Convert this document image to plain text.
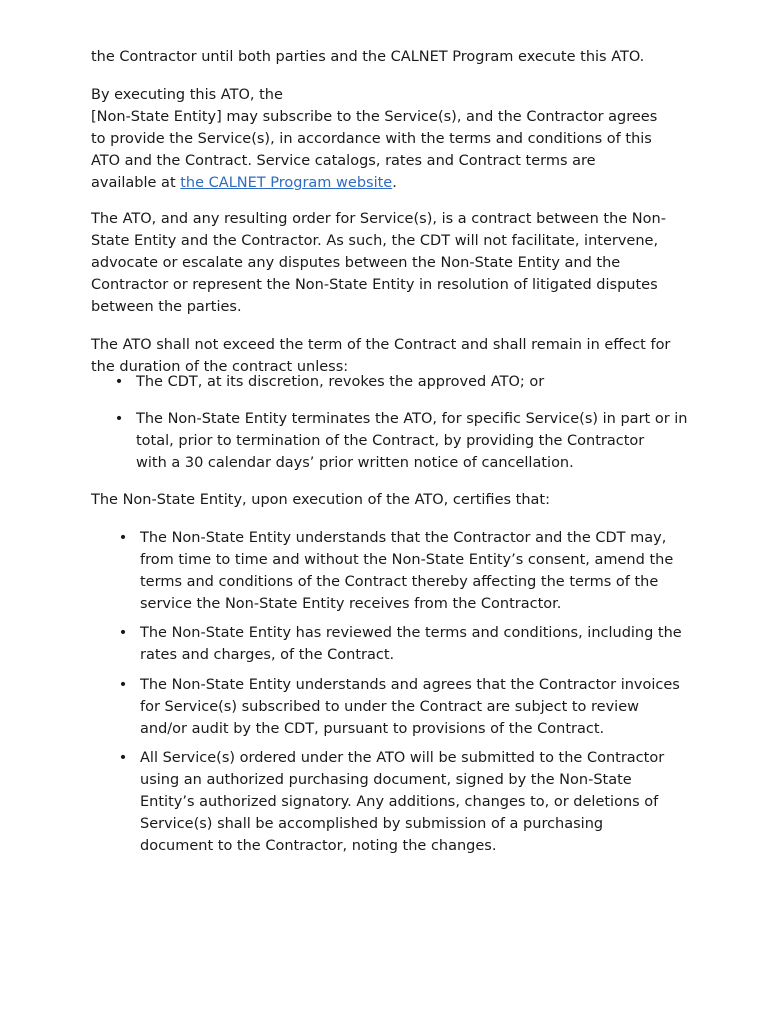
the Contractor until both parties and the CALNET Program execute this ATO.

By executing this ATO, the
[Non-State Entity] may subscribe to the Service(s), and the Contractor agrees
to provide the Service(s), in accordance with the terms and conditions of this
ATO and the Contract. Service catalogs, rates and Contract terms are
available at the CALNET Program website.

The ATO, and any resulting order for Service(s), is a contract between the Non-
State Entity and the Contractor. As such, the CDT will not facilitate, intervene,
advocate or escalate any disputes between the Non-State Entity and the
Contractor or represent the Non-State Entity in resolution of litigated disputes
between the parties.

The ATO shall not exceed the term of the Contract and shall remain in effect for
the duration of the contract unless:

• The CDT, at its discretion, revokes the approved ATO; or
• The Non-State Entity terminates the ATO, for specific Service(s) in part or in
total, prior to termination of the Contract, by providing the Contractor
with a 30 calendar days’ prior written notice of cancellation.

The Non-State Entity, upon execution of the ATO, certifies that:

• The Non-State Entity understands that the Contractor and the CDT may,
from time to time and without the Non-State Entity’s consent, amend the
terms and conditions of the Contract thereby affecting the terms of the
service the Non-State Entity receives from the Contractor.
• The Non-State Entity has reviewed the terms and conditions, including the
rates and charges, of the Contract.
• The Non-State Entity understands and agrees that the Contractor invoices
for Service(s) subscribed to under the Contract are subject to review
and/or audit by the CDT, pursuant to provisions of the Contract.
• All Service(s) ordered under the ATO will be submitted to the Contractor
using an authorized purchasing document, signed by the Non-State
Entity’s authorized signatory. Any additions, changes to, or deletions of
Service(s) shall be accomplished by submission of a purchasing
document to the Contractor, noting the changes.
